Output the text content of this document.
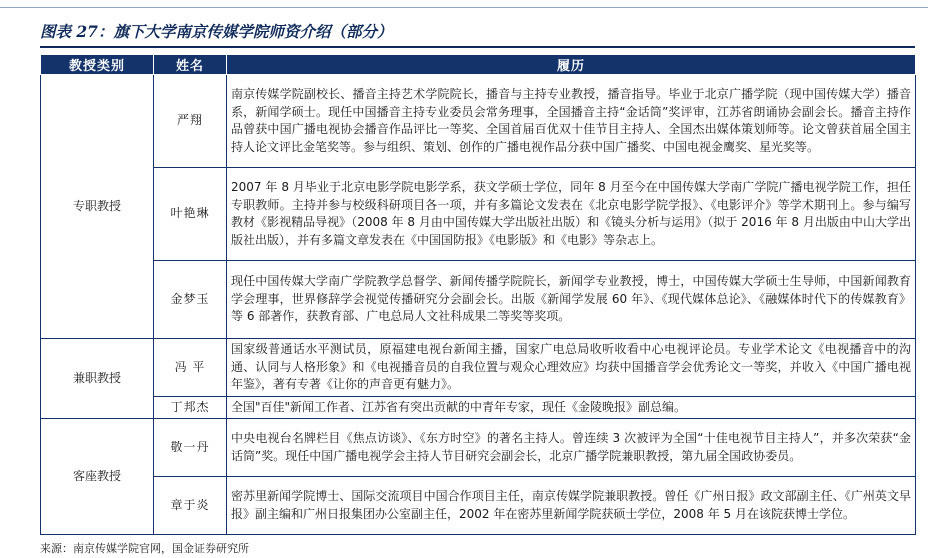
图表 27：旗下大学南京传媒学院师资介绍（部分）
教授类别	姓名	履历
专职教授	严翔	南京传媒学院副校长、播音主持艺术学院院长，播音与主持专业教授，播音指导。毕业于北京广播学院（现中国传媒大学）播音系，新闻学硕士。现任中国播音主持专业委员会常务理事，全国播音主持“金话筒”奖评审，江苏省朗诵协会副会长。播音主持作品曾获中国广播电视协会播音作品评比一等奖、全国首届百优双十佳节目主持人、全国杰出媒体策划师等。论文曾获首届全国主持人论文评比金笔奖等。参与组织、策划、创作的广播电视作品分获中国广播奖、中国电视金鹰奖、星光奖等。
	叶艳琳	2007 年 8 月毕业于北京电影学院电影学系，获文学硕士学位，同年 8 月至今在中国传媒大学南广学院广播电视学院工作，担任专职教师。主持并参与校级科研项目各一项，并有多篇论文发表在《北京电影学院学报》、《电影评介》等学术期刊上。参与编写教材《影视精品导视》（2008 年 8 月由中国传媒大学出版社出版）和《镜头分析与运用》（拟于 2016 年 8 月出版由中山大学出版社出版），并有多篇文章发表在《中国国防报》《电影版》和《电影》等杂志上。
	金梦玉	现任中国传媒大学南广学院教学总督学、新闻传播学院院长，新闻学专业教授，博士，中国传媒大学硕士生导师，中国新闻教育学会理事，世界修辞学会视觉传播研究分会副会长。出版《新闻学发展 60 年》、《现代媒体总论》、《融媒体时代下的传媒教育》等 6 部著作，获教育部、广电总局人文社科成果二等奖等奖项。
兼职教授	冯 平	国家级普通话水平测试员，原福建电视台新闻主播，国家广电总局收听收看中心电视评论员。专业学术论文《电视播音中的沟通、认同与人格形象》和《电视播音员的自我位置与观众心理效应》均获中国播音学会优秀论文一等奖，并收入《中国广播电视年鉴》，著有专著《让你的声音更有魅力》。
	丁邦杰	全国"百佳"新闻工作者、江苏省有突出贡献的中青年专家，现任《金陵晚报》副总编。
客座教授	敬一丹	中央电视台名牌栏目《焦点访谈》、《东方时空》的著名主持人。曾连续 3 次被评为全国“十佳电视节目主持人”，并多次荣获“金话筒”奖。现任中国广播电视学会主持人节目研究会副会长，北京广播学院兼职教授，第九届全国政协委员。
	章于炎	密苏里新闻学院博士、国际交流项目中国合作项目主任，南京传媒学院兼职教授。曾任《广州日报》政文部副主任、《广州英文早报》副主编和广州日报集团办公室副主任，2002 年在密苏里新闻学院获硕士学位，2008 年 5 月在该院获博士学位。
来源：南京传媒学院官网，国金证券研究所
